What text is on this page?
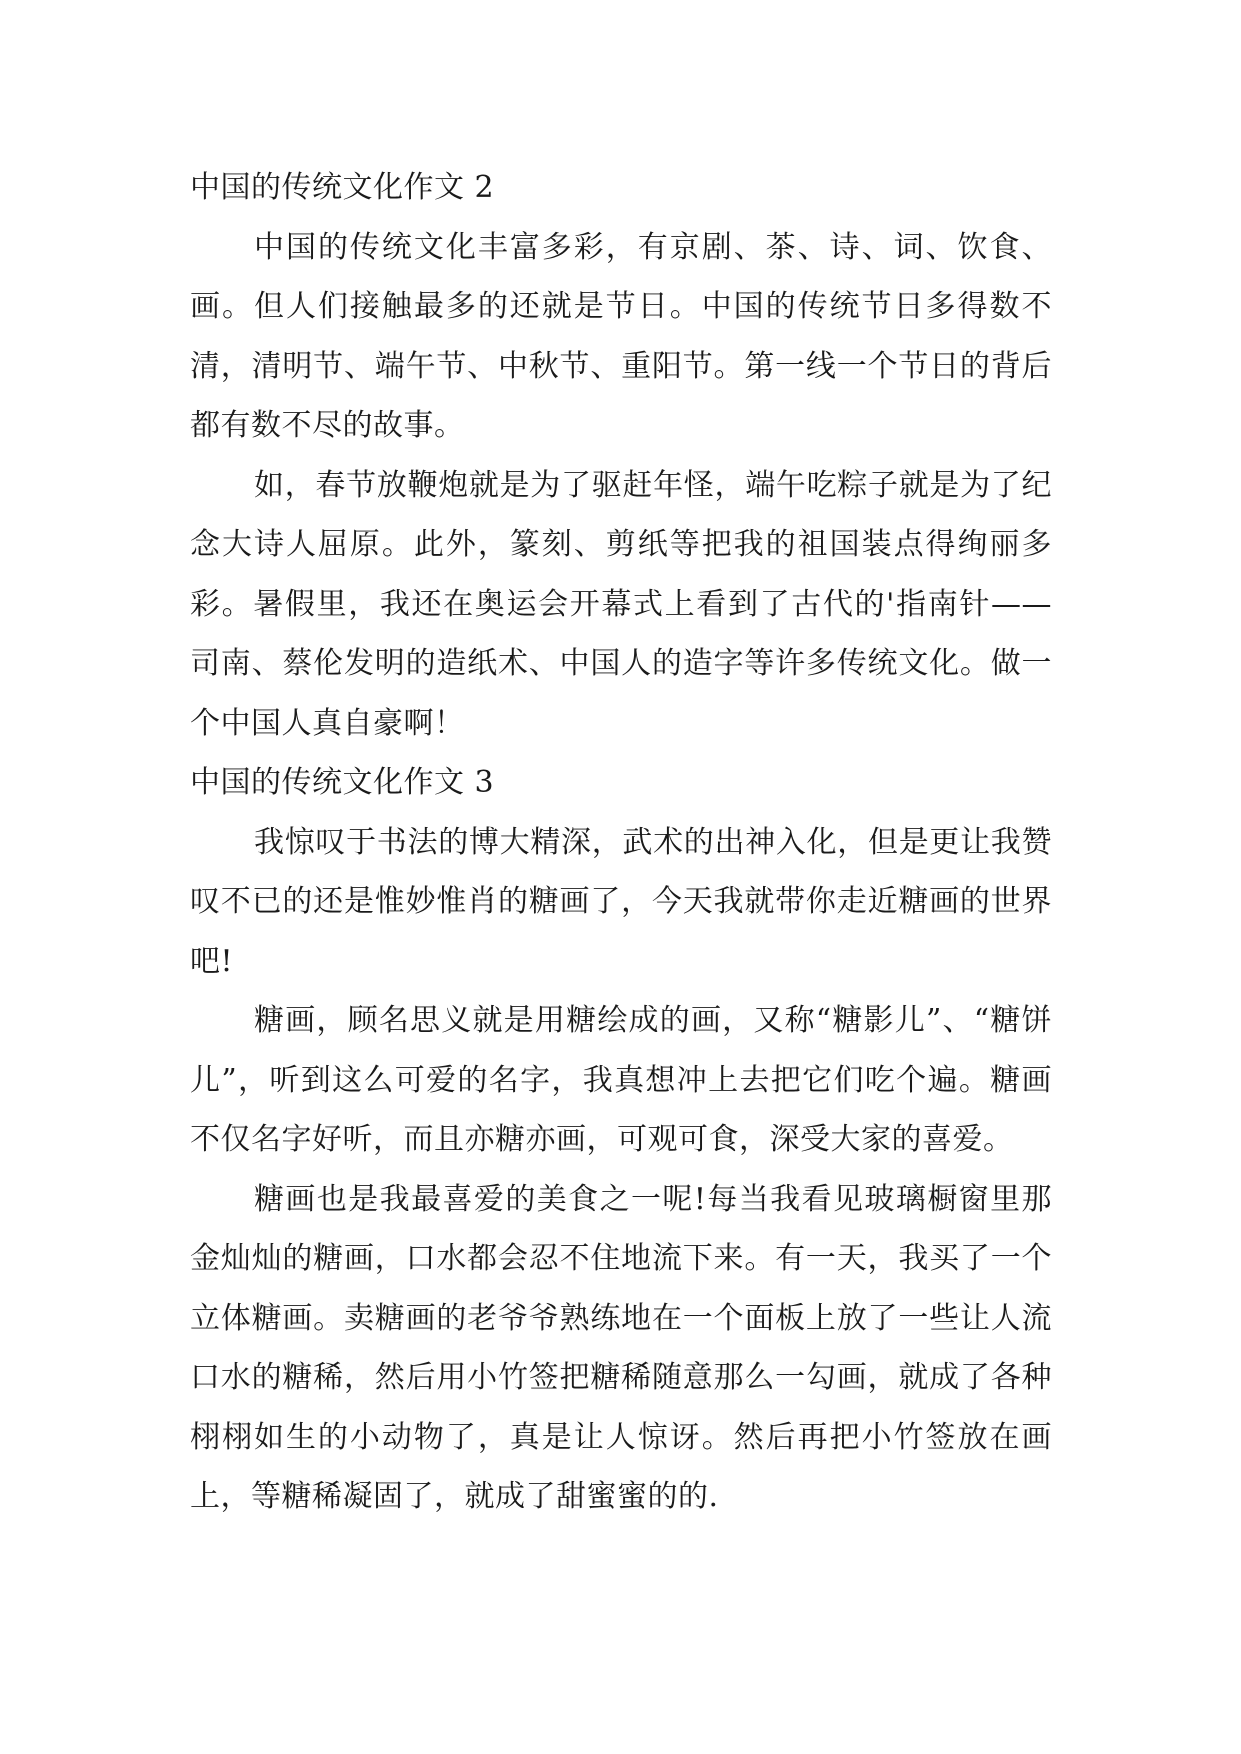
中国的传统文化作文 2

中国的传统文化丰富多彩，有京剧、茶、诗、词、饮食、画。但人们接触最多的还就是节日。中国的传统节日多得数不清，清明节、端午节、中秋节、重阳节。第一线一个节日的背后都有数不尽的故事。

如，春节放鞭炮就是为了驱赶年怪，端午吃粽子就是为了纪念大诗人屈原。此外，篆刻、剪纸等把我的祖国装点得绚丽多彩。暑假里，我还在奥运会开幕式上看到了古代的'指南针——司南、蔡伦发明的造纸术、中国人的造字等许多传统文化。做一个中国人真自豪啊！

中国的传统文化作文 3

我惊叹于书法的博大精深，武术的出神入化，但是更让我赞叹不已的还是惟妙惟肖的糖画了，今天我就带你走近糖画的世界吧!

糖画，顾名思义就是用糖绘成的画，又称“糖影儿”、“糖饼儿”，听到这么可爱的名字，我真想冲上去把它们吃个遍。糖画不仅名字好听，而且亦糖亦画，可观可食，深受大家的喜爱。

糖画也是我最喜爱的美食之一呢!每当我看见玻璃橱窗里那金灿灿的糖画，口水都会忍不住地流下来。有一天，我买了一个立体糖画。卖糖画的老爷爷熟练地在一个面板上放了一些让人流口水的糖稀，然后用小竹签把糖稀随意那么一勾画，就成了各种栩栩如生的小动物了，真是让人惊讶。然后再把小竹签放在画上，等糖稀凝固了，就成了甜蜜蜜的的.
